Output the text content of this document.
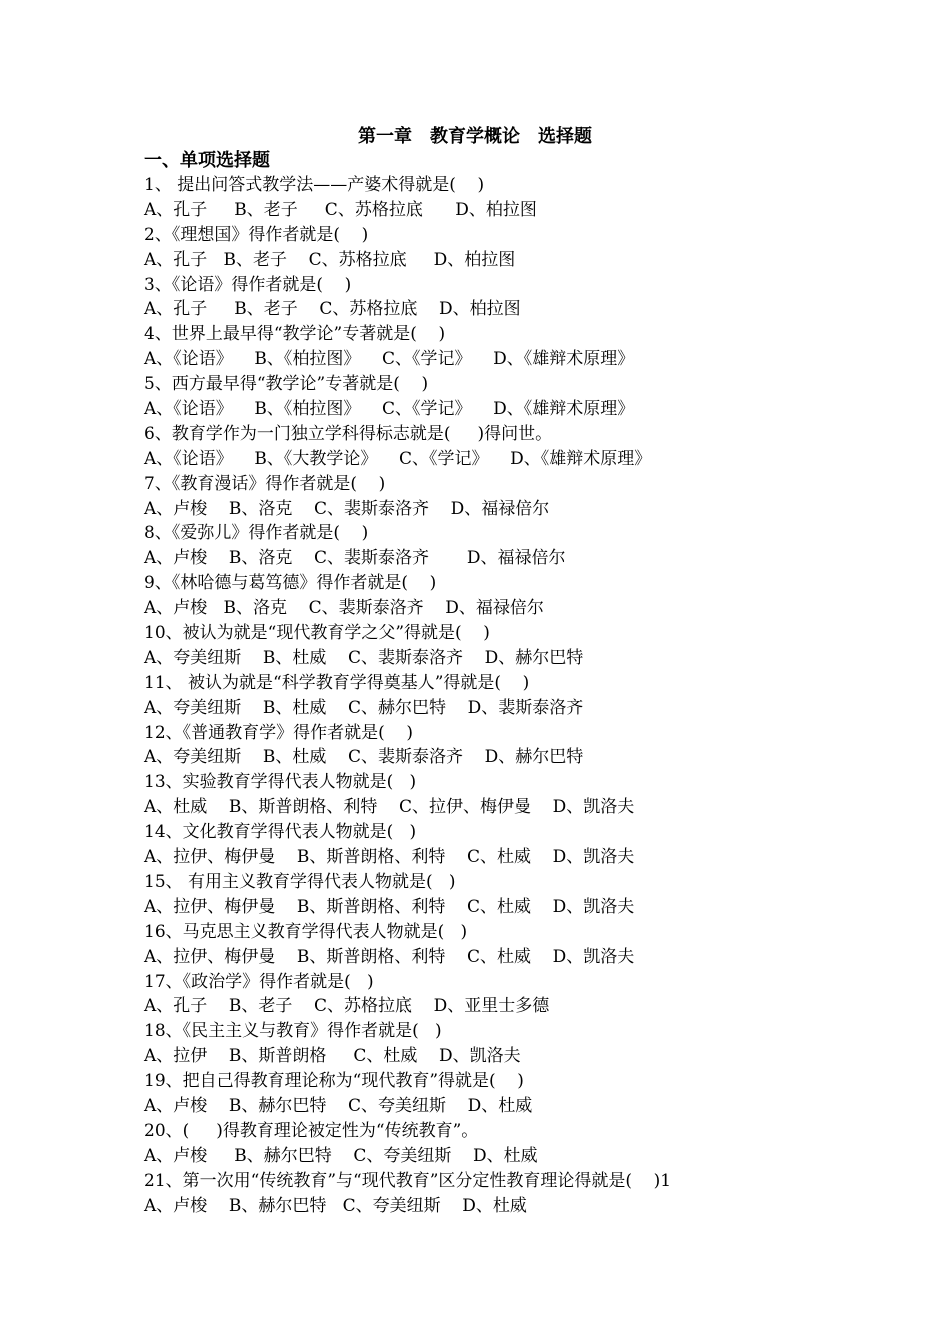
第一章　教育学概论　选择题
一、单项选择题
1、 提出问答式教学法——产婆术得就是(    )
A、孔子     B、老子     C、苏格拉底      D、柏拉图
2、《理想国》得作者就是(    )
A、孔子   B、老子    C、苏格拉底     D、柏拉图
3、《论语》得作者就是(    )
A、孔子     B、老子    C、苏格拉底    D、柏拉图
4、世界上最早得“教学论”专著就是(    )
A、《论语》    B、《柏拉图》    C、《学记》    D、《雄辩术原理》
5、西方最早得“教学论”专著就是(    )
A、《论语》    B、《柏拉图》    C、《学记》    D、《雄辩术原理》
6、教育学作为一门独立学科得标志就是(     )得问世。
A、《论语》    B、《大教学论》    C、《学记》    D、《雄辩术原理》
7、《教育漫话》得作者就是(    )
A、卢梭    B、洛克    C、裴斯泰洛齐    D、福禄倍尔
8、《爱弥儿》得作者就是(    )
A、卢梭    B、洛克    C、裴斯泰洛齐       D、福禄倍尔
9、《林哈德与葛笃德》得作者就是(    )
A、卢梭   B、洛克    C、裴斯泰洛齐    D、福禄倍尔
10、被认为就是“现代教育学之父”得就是(    )
A、夸美纽斯    B、杜威    C、裴斯泰洛齐    D、赫尔巴特
11、 被认为就是“科学教育学得奠基人”得就是(    )
A、夸美纽斯    B、杜威    C、赫尔巴特    D、裴斯泰洛齐
12、《普通教育学》得作者就是(    )
A、夸美纽斯    B、杜威    C、裴斯泰洛齐    D、赫尔巴特
13、实验教育学得代表人物就是(   )
A、杜威    B、斯普朗格、利特    C、拉伊、梅伊曼    D、凯洛夫
14、文化教育学得代表人物就是(   )
A、拉伊、梅伊曼    B、斯普朗格、利特    C、杜威    D、凯洛夫
15、 有用主义教育学得代表人物就是(   )
A、拉伊、梅伊曼    B、斯普朗格、利特    C、杜威    D、凯洛夫
16、马克思主义教育学得代表人物就是(   )
A、拉伊、梅伊曼    B、斯普朗格、利特    C、杜威    D、凯洛夫
17、《政治学》得作者就是(   )
A、孔子    B、老子    C、苏格拉底    D、亚里士多德
18、《民主主义与教育》得作者就是(   )
A、拉伊    B、斯普朗格     C、杜威    D、凯洛夫
19、把自己得教育理论称为“现代教育”得就是(    )
A、卢梭    B、赫尔巴特    C、夸美纽斯    D、杜威
20、(     )得教育理论被定性为“传统教育”。
A、卢梭     B、赫尔巴特    C、夸美纽斯    D、杜威
21、第一次用“传统教育”与“现代教育”区分定性教育理论得就是(    )1
A、卢梭    B、赫尔巴特   C、夸美纽斯    D、杜威
